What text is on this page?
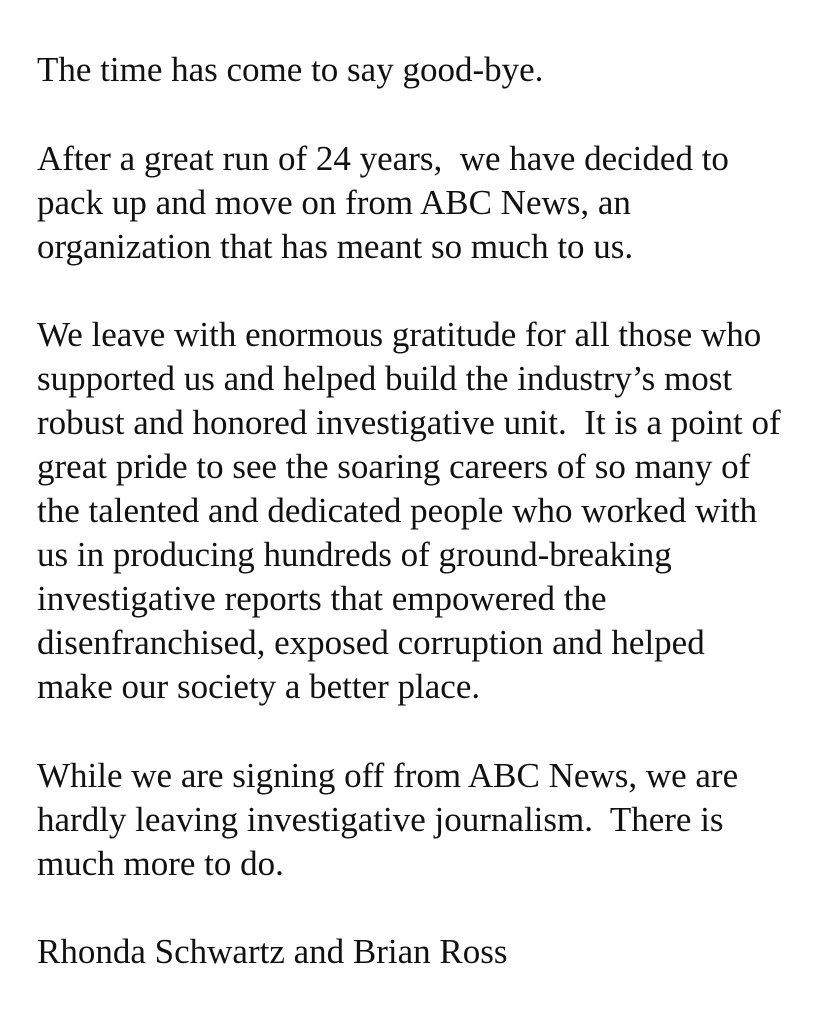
The time has come to say good-bye.

After a great run of 24 years,  we have decided to

pack up and move on from ABC News, an

organization that has meant so much to us.

We leave with enormous gratitude for all those who

supported us and helped build the industry’s most

robust and honored investigative unit.  It is a point of

great pride to see the soaring careers of so many of

the talented and dedicated people who worked with

us in producing hundreds of ground-breaking

investigative reports that empowered the

disenfranchised, exposed corruption and helped

make our society a better place.

While we are signing off from ABC News, we are

hardly leaving investigative journalism.  There is

much more to do.

Rhonda Schwartz and Brian Ross
